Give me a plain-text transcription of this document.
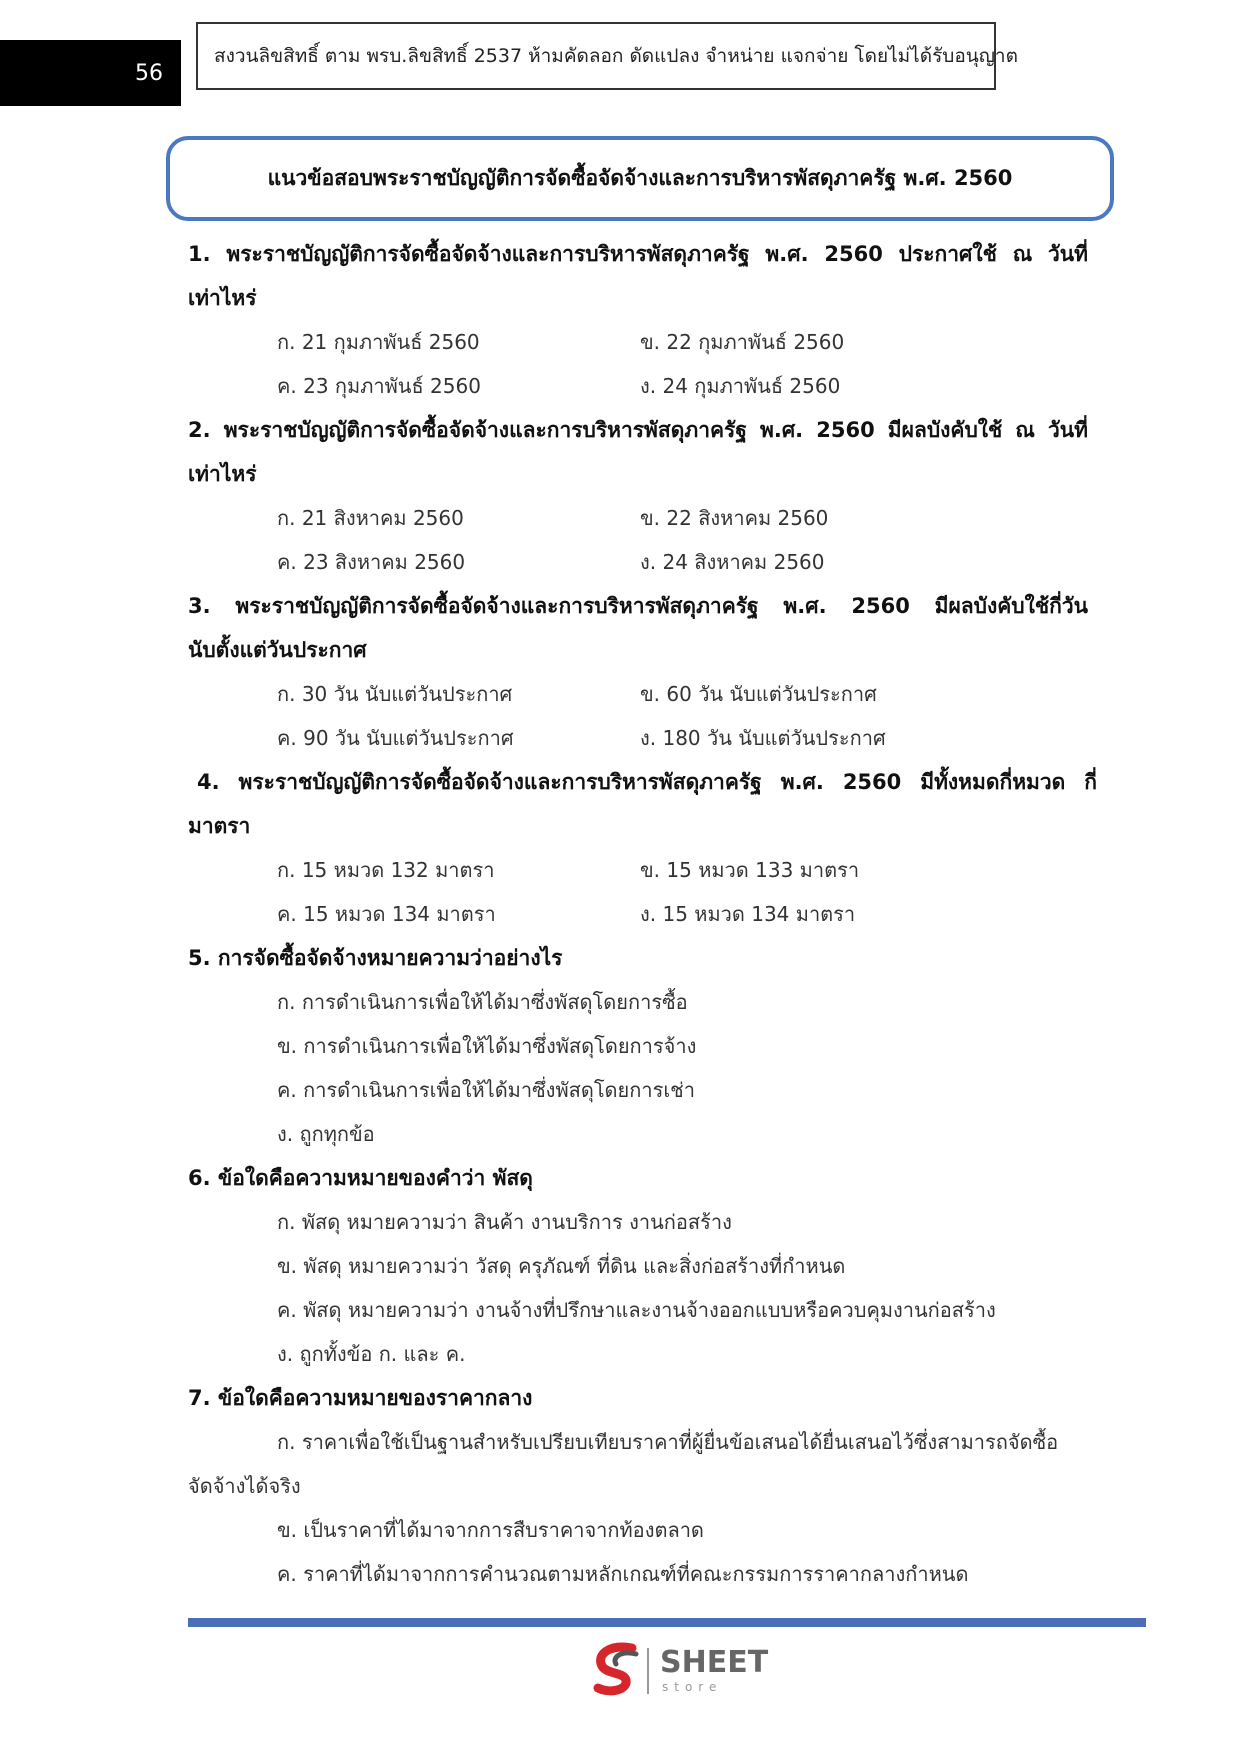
56
สงวนลิขสิทธิ์ ตาม พรบ.ลิขสิทธิ์ 2537 ห้ามคัดลอก ดัดแปลง จำหน่าย แจกจ่าย โดยไม่ได้รับอนุญาต
แนวข้อสอบพระราชบัญญัติการจัดซื้อจัดจ้างและการบริหารพัสดุภาครัฐ พ.ศ. 2560
1. พระราชบัญญัติการจัดซื้อจัดจ้างและการบริหารพัสดุภาครัฐ พ.ศ. 2560 ประกาศใช้ ณ วันที่
เท่าไหร่
ก. 21 กุมภาพันธ์ 2560	ข. 22 กุมภาพันธ์ 2560
ค. 23 กุมภาพันธ์ 2560	ง. 24 กุมภาพันธ์ 2560
2. พระราชบัญญัติการจัดซื้อจัดจ้างและการบริหารพัสดุภาครัฐ พ.ศ. 2560 มีผลบังคับใช้ ณ วันที่
เท่าไหร่
ก. 21 สิงหาคม 2560	ข. 22 สิงหาคม 2560
ค. 23 สิงหาคม 2560	ง. 24 สิงหาคม 2560
3. พระราชบัญญัติการจัดซื้อจัดจ้างและการบริหารพัสดุภาครัฐ พ.ศ. 2560 มีผลบังคับใช้กี่วัน
นับตั้งแต่วันประกาศ
ก. 30 วัน นับแต่วันประกาศ	ข. 60 วัน นับแต่วันประกาศ
ค. 90 วัน นับแต่วันประกาศ	ง. 180 วัน นับแต่วันประกาศ
4. พระราชบัญญัติการจัดซื้อจัดจ้างและการบริหารพัสดุภาครัฐ พ.ศ. 2560 มีทั้งหมดกี่หมวด กี่
มาตรา
ก. 15 หมวด 132 มาตรา	ข. 15 หมวด 133 มาตรา
ค. 15 หมวด 134 มาตรา	ง. 15 หมวด 134 มาตรา
5. การจัดซื้อจัดจ้างหมายความว่าอย่างไร
ก. การดำเนินการเพื่อให้ได้มาซึ่งพัสดุโดยการซื้อ
ข. การดำเนินการเพื่อให้ได้มาซึ่งพัสดุโดยการจ้าง
ค. การดำเนินการเพื่อให้ได้มาซึ่งพัสดุโดยการเช่า
ง. ถูกทุกข้อ
6. ข้อใดคือความหมายของคำว่า พัสดุ
ก. พัสดุ หมายความว่า สินค้า งานบริการ งานก่อสร้าง
ข. พัสดุ หมายความว่า วัสดุ ครุภัณฑ์ ที่ดิน และสิ่งก่อสร้างที่กำหนด
ค. พัสดุ หมายความว่า งานจ้างที่ปรึกษาและงานจ้างออกแบบหรือควบคุมงานก่อสร้าง
ง. ถูกทั้งข้อ ก. และ ค.
7. ข้อใดคือความหมายของราคากลาง
ก. ราคาเพื่อใช้เป็นฐานสำหรับเปรียบเทียบราคาที่ผู้ยื่นข้อเสนอได้ยื่นเสนอไว้ซึ่งสามารถจัดซื้อ
จัดจ้างได้จริง
ข. เป็นราคาที่ได้มาจากการสืบราคาจากท้องตลาด
ค. ราคาที่ได้มาจากการคำนวณตามหลักเกณฑ์ที่คณะกรรมการราคากลางกำหนด
SHEET
store
